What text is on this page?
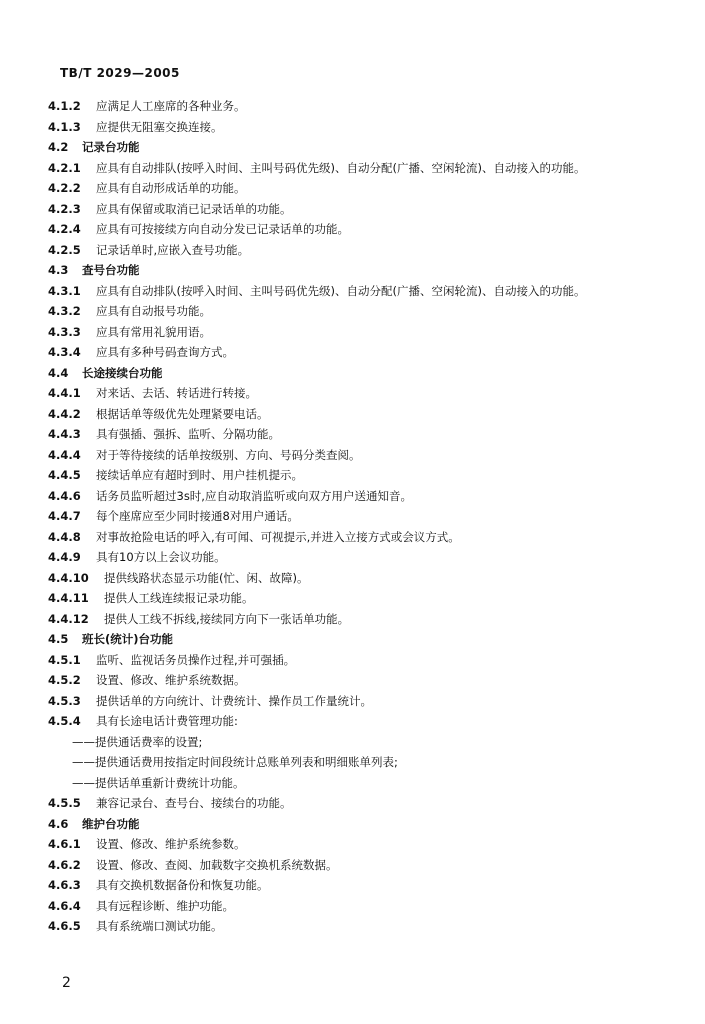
TB/T 2029—2005
4.1.2 应满足人工座席的各种业务。
4.1.3 应提供无阻塞交换连接。
4.2 记录台功能
4.2.1 应具有自动排队(按呼入时间、主叫号码优先级)、自动分配(广播、空闲轮流)、自动接入的功能。
4.2.2 应具有自动形成话单的功能。
4.2.3 应具有保留或取消已记录话单的功能。
4.2.4 应具有可按接续方向自动分发已记录话单的功能。
4.2.5 记录话单时,应嵌入查号功能。
4.3 查号台功能
4.3.1 应具有自动排队(按呼入时间、主叫号码优先级)、自动分配(广播、空闲轮流)、自动接入的功能。
4.3.2 应具有自动报号功能。
4.3.3 应具有常用礼貌用语。
4.3.4 应具有多种号码查询方式。
4.4 长途接续台功能
4.4.1 对来话、去话、转话进行转接。
4.4.2 根据话单等级优先处理紧要电话。
4.4.3 具有强插、强拆、监听、分隔功能。
4.4.4 对于等待接续的话单按级别、方向、号码分类查阅。
4.4.5 接续话单应有超时到时、用户挂机提示。
4.4.6 话务员监听超过3s时,应自动取消监听或向双方用户送通知音。
4.4.7 每个座席应至少同时接通8对用户通话。
4.4.8 对事故抢险电话的呼入,有可闻、可视提示,并进入立接方式或会议方式。
4.4.9 具有10方以上会议功能。
4.4.10 提供线路状态显示功能(忙、闲、故障)。
4.4.11 提供人工线连续报记录功能。
4.4.12 提供人工线不拆线,接续同方向下一张话单功能。
4.5 班长(统计)台功能
4.5.1 监听、监视话务员操作过程,并可强插。
4.5.2 设置、修改、维护系统数据。
4.5.3 提供话单的方向统计、计费统计、操作员工作量统计。
4.5.4 具有长途电话计费管理功能:
——提供通话费率的设置;
——提供通话费用按指定时间段统计总账单列表和明细账单列表;
——提供话单重新计费统计功能。
4.5.5 兼容记录台、查号台、接续台的功能。
4.6 维护台功能
4.6.1 设置、修改、维护系统参数。
4.6.2 设置、修改、查阅、加载数字交换机系统数据。
4.6.3 具有交换机数据备份和恢复功能。
4.6.4 具有远程诊断、维护功能。
4.6.5 具有系统端口测试功能。
2
